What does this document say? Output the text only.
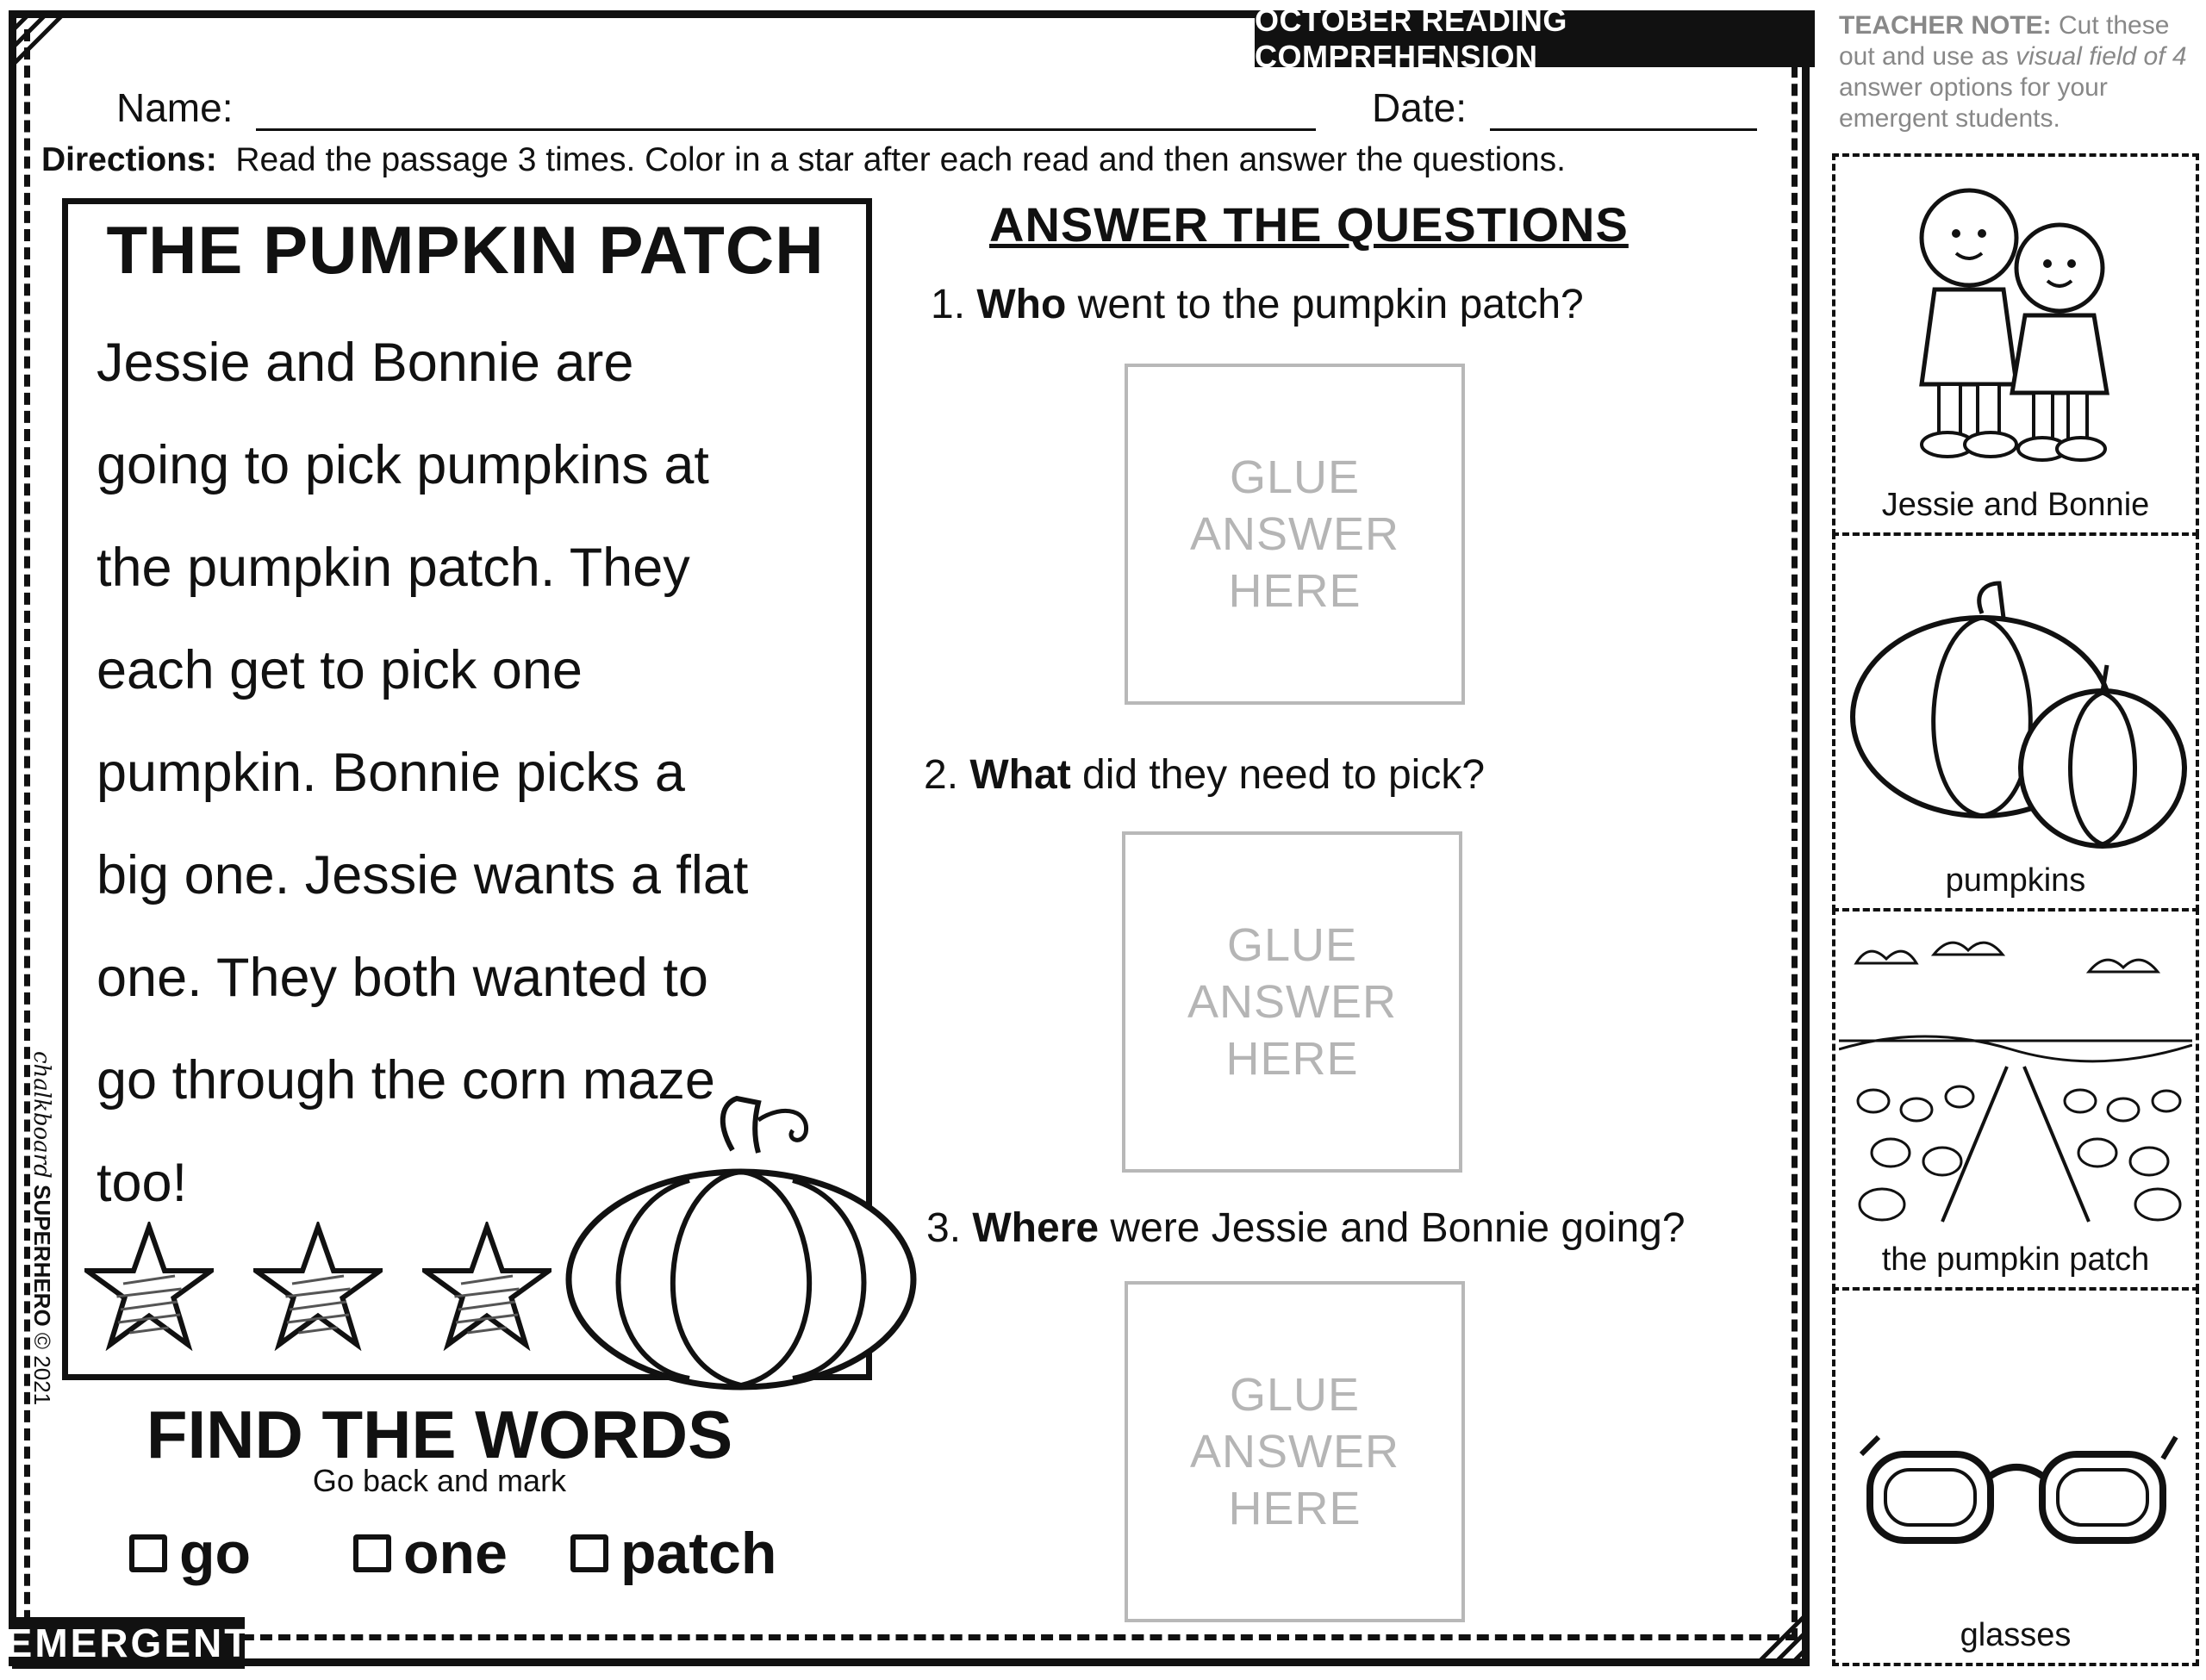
OCTOBER READING COMPREHENSION
Name:	Date:
Directions: Read the passage 3 times. Color in a star after each read and then answer the questions.
THE PUMPKIN PATCH
Jessie and Bonnie are
going to pick pumpkins at
the pumpkin patch. They
each get to pick one
pumpkin. Bonnie picks a
big one. Jessie wants a flat
one. They both wanted to
go through the corn maze
too!
FIND THE WORDS
Go back and mark
go	one patch
EMERGENT
chalkboard SUPERHERO © 2021
ANSWER THE QUESTIONS
1. Who went to the pumpkin patch?
GLUE ANSWER
HERE
2. What did they need to pick?
GLUE ANSWER
HERE
3. Where were Jessie and Bonnie going?
GLUE ANSWER
HERE
TEACHER NOTE: Cut these out and use as visual field of 4 answer options for your emergent students.
Jessie and Bonnie
pumpkins
the pumpkin patch
glasses
